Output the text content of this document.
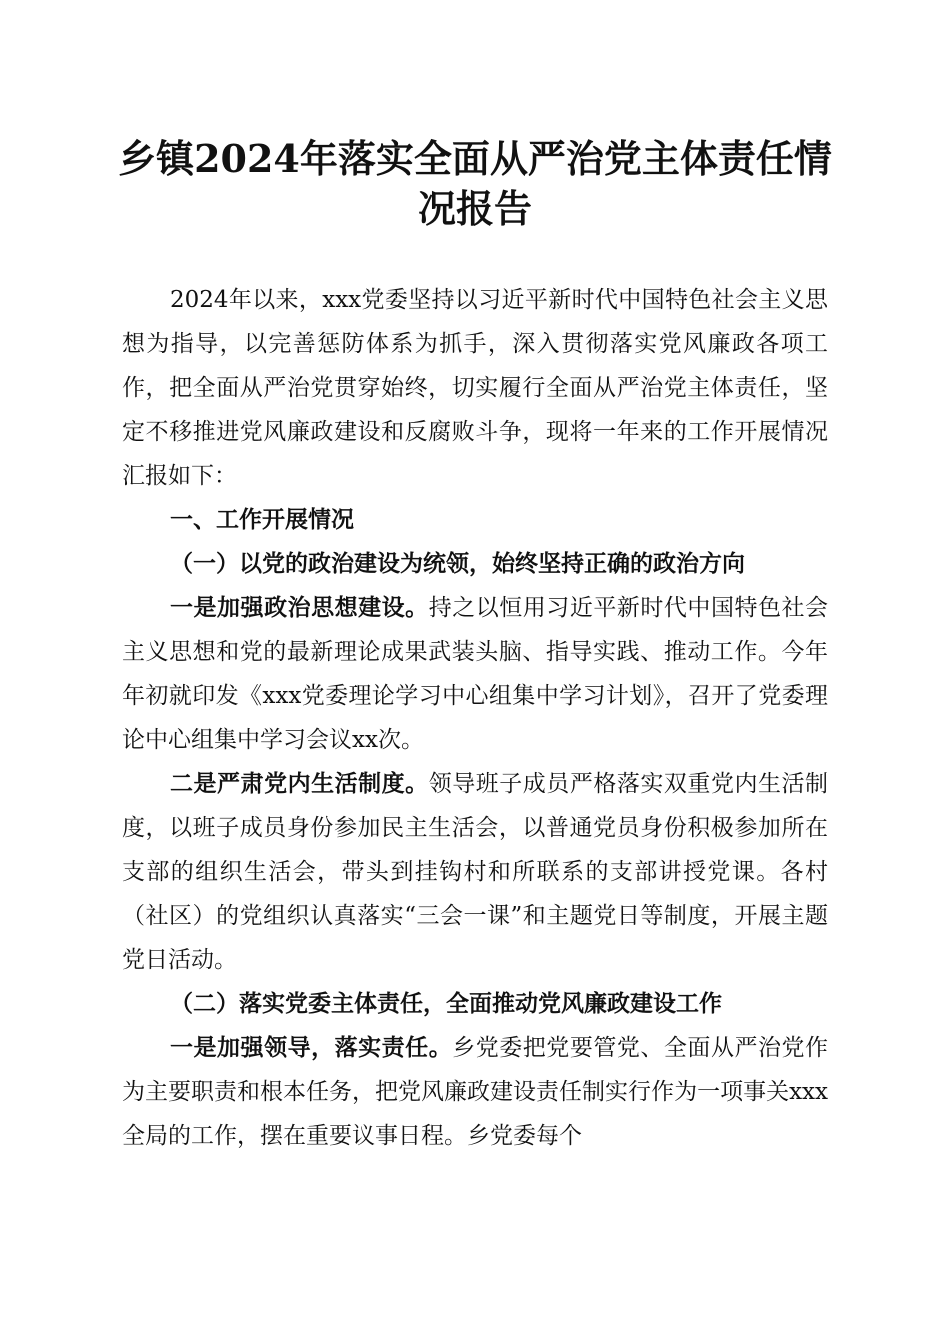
乡镇2024年落实全面从严治党主体责任情况报告

2024年以来，xxx党委坚持以习近平新时代中国特色社会主义思想为指导，以完善惩防体系为抓手，深入贯彻落实党风廉政各项工作，把全面从严治党贯穿始终，切实履行全面从严治党主体责任，坚定不移推进党风廉政建设和反腐败斗争，现将一年来的工作开展情况汇报如下：

一、工作开展情况

（一）以党的政治建设为统领，始终坚持正确的政治方向

一是加强政治思想建设。持之以恒用习近平新时代中国特色社会主义思想和党的最新理论成果武装头脑、指导实践、推动工作。今年年初就印发《xxx党委理论学习中心组集中学习计划》，召开了党委理论中心组集中学习会议xx次。

二是严肃党内生活制度。领导班子成员严格落实双重党内生活制度，以班子成员身份参加民主生活会，以普通党员身份积极参加所在支部的组织生活会，带头到挂钩村和所联系的支部讲授党课。各村（社区）的党组织认真落实“三会一课”和主题党日等制度，开展主题党日活动。

（二）落实党委主体责任，全面推动党风廉政建设工作

一是加强领导，落实责任。乡党委把党要管党、全面从严治党作为主要职责和根本任务，把党风廉政建设责任制实行作为一项事关xxx全局的工作，摆在重要议事日程。乡党委每个
